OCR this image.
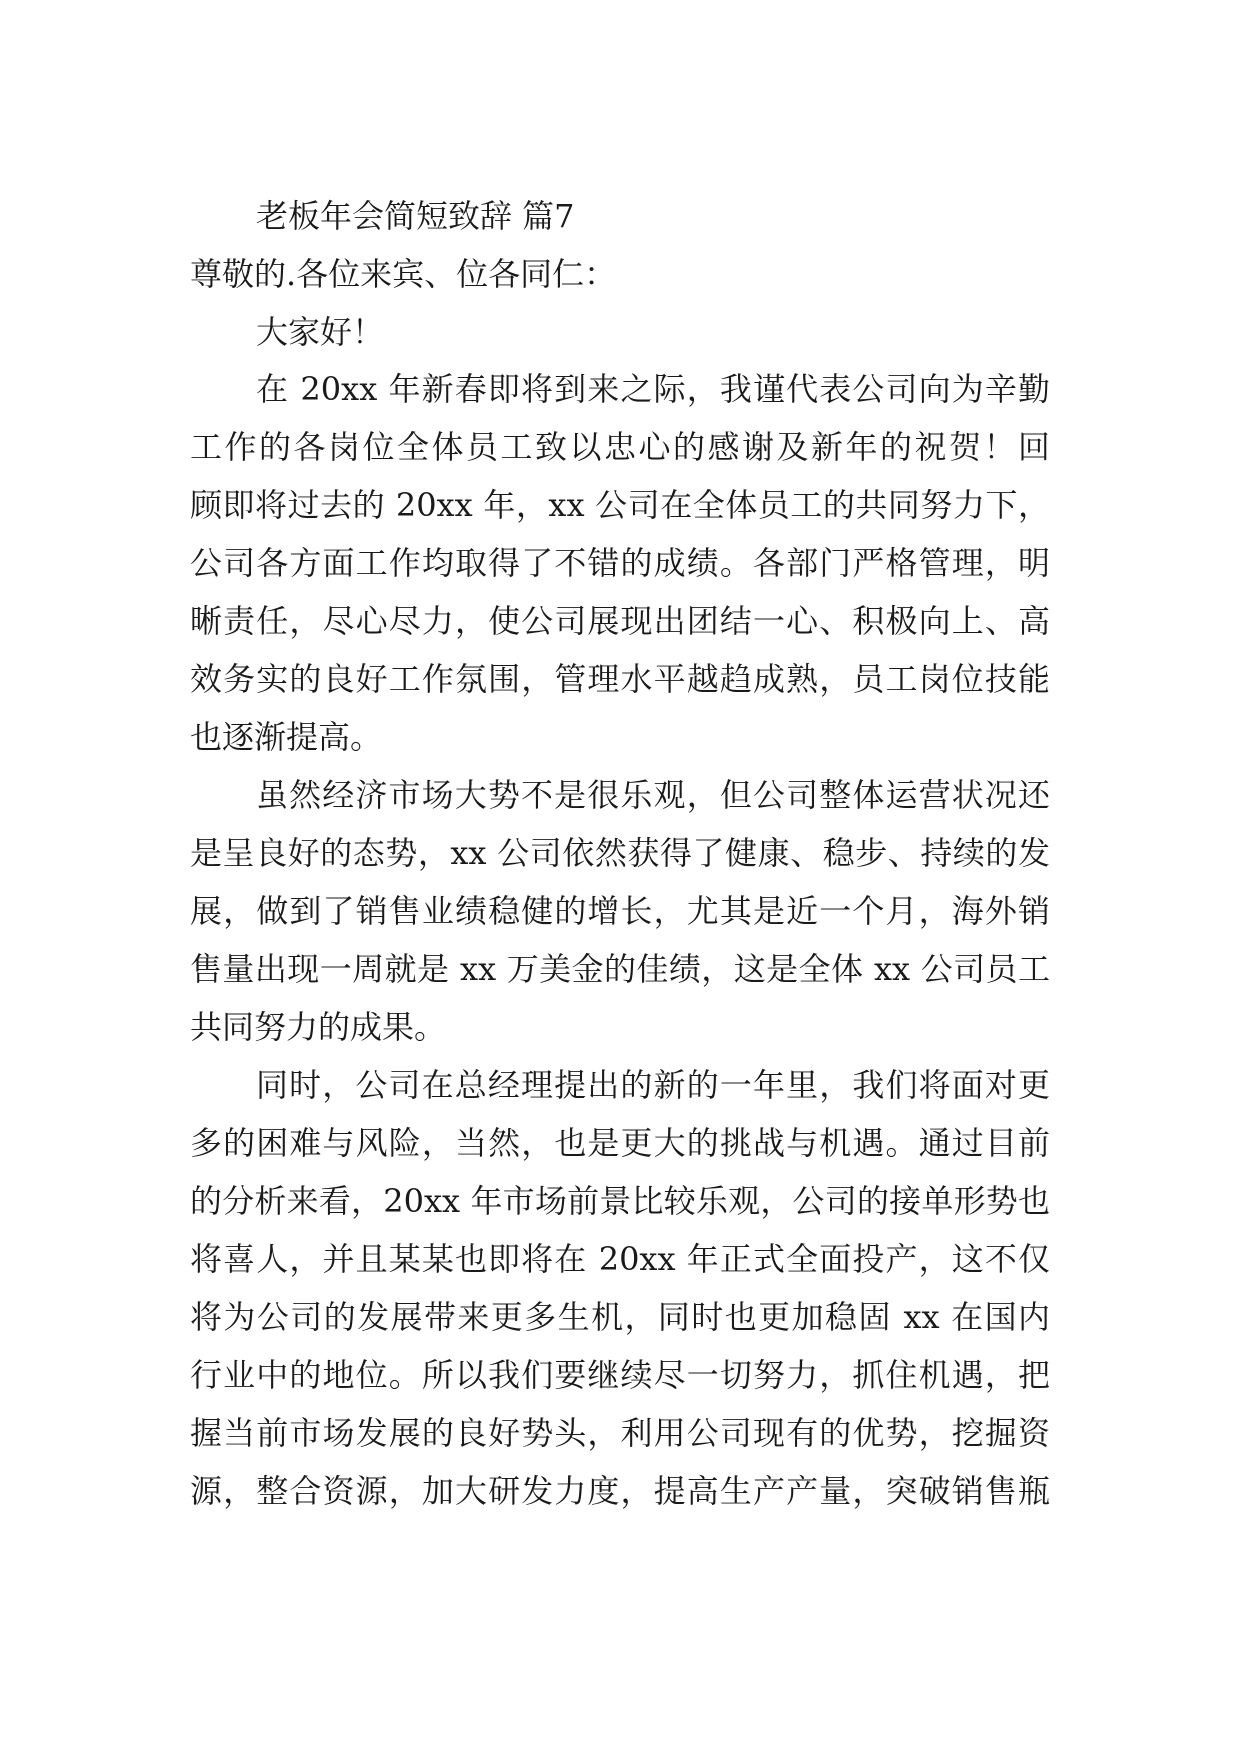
老板年会简短致辞 篇7
尊敬的.各位来宾、位各同仁：
大家好！
在 20xx 年新春即将到来之际，我谨代表公司向为辛勤
工作的各岗位全体员工致以忠心的感谢及新年的祝贺！回
顾即将过去的 20xx 年，xx 公司在全体员工的共同努力下，
公司各方面工作均取得了不错的成绩。各部门严格管理，明
晰责任，尽心尽力，使公司展现出团结一心、积极向上、高
效务实的良好工作氛围，管理水平越趋成熟，员工岗位技能
也逐渐提高。
虽然经济市场大势不是很乐观，但公司整体运营状况还
是呈良好的态势，xx 公司依然获得了健康、稳步、持续的发
展，做到了销售业绩稳健的增长，尤其是近一个月，海外销
售量出现一周就是 xx 万美金的佳绩，这是全体 xx 公司员工
共同努力的成果。
同时，公司在总经理提出的新的一年里，我们将面对更
多的困难与风险，当然，也是更大的挑战与机遇。通过目前
的分析来看，20xx 年市场前景比较乐观，公司的接单形势也
将喜人，并且某某也即将在 20xx 年正式全面投产，这不仅
将为公司的发展带来更多生机，同时也更加稳固 xx 在国内
行业中的地位。所以我们要继续尽一切努力，抓住机遇，把
握当前市场发展的良好势头，利用公司现有的优势，挖掘资
源，整合资源，加大研发力度，提高生产产量，突破销售瓶
